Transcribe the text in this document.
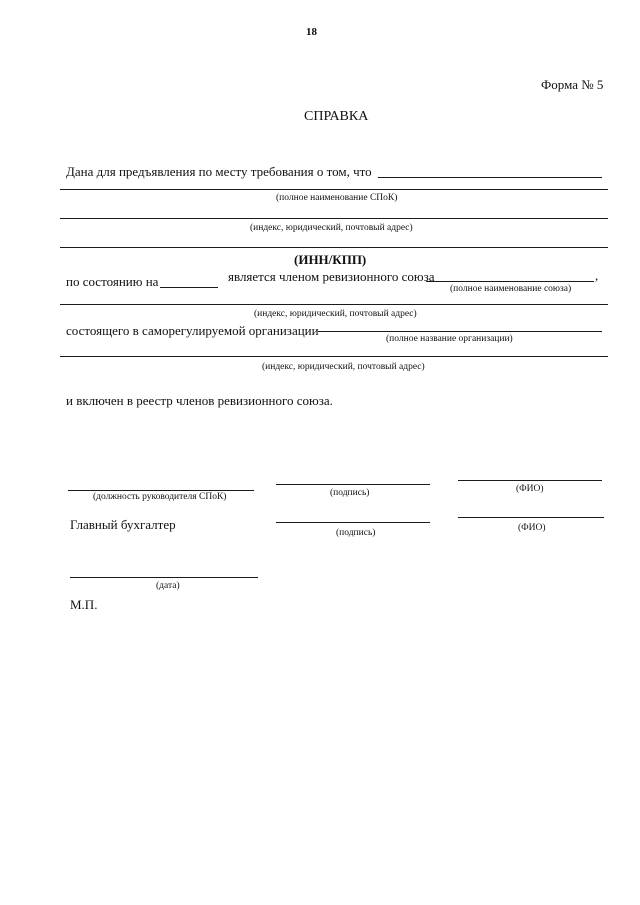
18
Форма № 5
СПРАВКА
Дана для предъявления по месту требования о том, что
(полное наименование СПоК)
(индекс, юридический, почтовый адрес)
(ИНН/КПП)
по состоянию на	является членом ревизионного союза	,
(полное наименование союза)
(индекс, юридический, почтовый адрес)
состоящего в саморегулируемой организации
(полное название организации)
(индекс, юридический, почтовый адрес)
и включен в реестр членов ревизионного союза.
(должность руководителя СПоК)	(подпись)	(ФИО)
Главный бухгалтер
(подпись)	(ФИО)
(дата)
М.П.
